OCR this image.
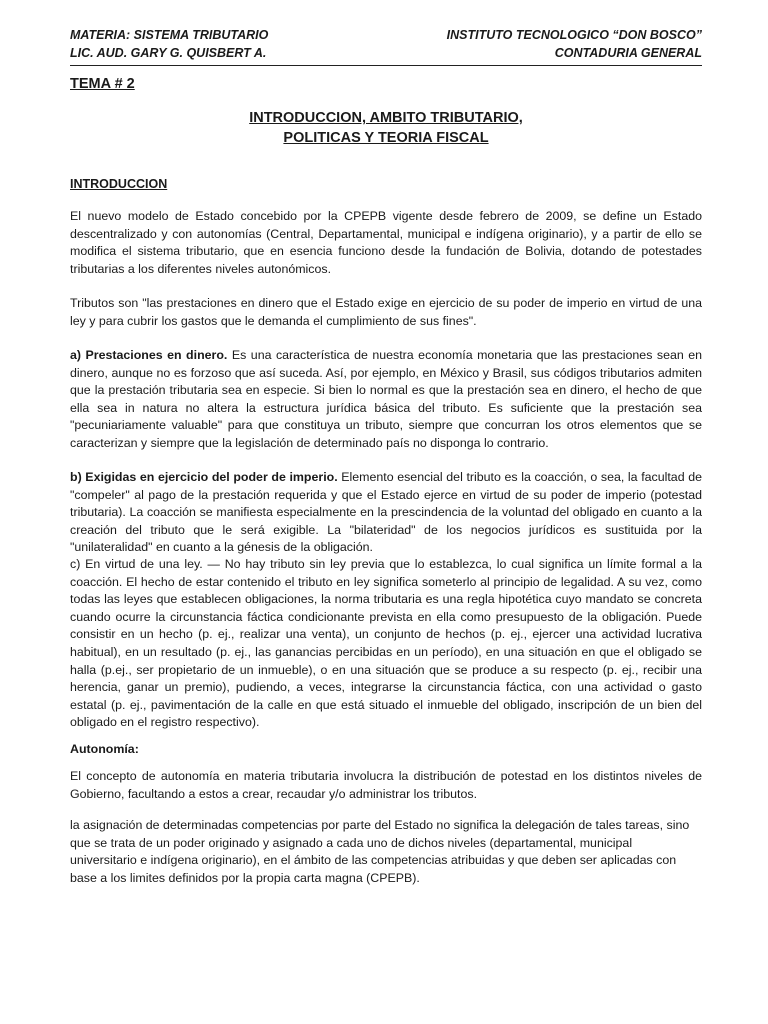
MATERIA: SISTEMA TRIBUTARIO
LIC. AUD. GARY G. QUISBERT A.
INSTITUTO TECNOLOGICO “DON BOSCO”
CONTADURIA GENERAL
TEMA # 2
INTRODUCCION, AMBITO TRIBUTARIO,
POLITICAS Y TEORIA FISCAL
INTRODUCCION
El nuevo modelo de Estado concebido por la CPEPB vigente desde febrero de 2009, se define un Estado descentralizado y con autonomías (Central, Departamental, municipal e indígena originario), y a partir de ello se modifica el sistema tributario, que en esencia funciono desde la fundación de Bolivia, dotando de potestades tributarias a los diferentes niveles autonómicos.
Tributos son "las prestaciones en dinero que el Estado exige en ejercicio de su poder de imperio en virtud de una ley y para cubrir los gastos que le demanda el cumplimiento de sus fines".
a) Prestaciones en dinero. Es una característica de nuestra economía monetaria que las prestaciones sean en dinero, aunque no es forzoso que así suceda. Así, por ejemplo, en México y Brasil, sus códigos tributarios admiten que la prestación tributaria sea en especie. Si bien lo normal es que la prestación sea en dinero, el hecho de que ella sea in natura no altera la estructura jurídica básica del tributo. Es suficiente que la prestación sea "pecuniariamente valuable" para que constituya un tributo, siempre que concurran los otros elementos que se caracterizan y siempre que la legislación de determinado país no disponga lo contrario.
b) Exigidas en ejercicio del poder de imperio. Elemento esencial del tributo es la coacción, o sea, la facultad de "compeler" al pago de la prestación requerida y que el Estado ejerce en virtud de su poder de imperio (potestad tributaria). La coacción se manifiesta especialmente en la prescindencia de la voluntad del obligado en cuanto a la creación del tributo que le será exigible. La "bilateridad" de los negocios jurídicos es sustituida por la "unilateralidad" en cuanto a la génesis de la obligación.
c) En virtud de una ley. — No hay tributo sin ley previa que lo establezca, lo cual significa un límite formal a la coacción. El hecho de estar contenido el tributo en ley significa someterlo al principio de legalidad. A su vez, como todas las leyes que establecen obligaciones, la norma tributaria es una regla hipotética cuyo mandato se concreta cuando ocurre la circunstancia fáctica condicionante prevista en ella como presupuesto de la obligación. Puede consistir en un hecho (p. ej., realizar una venta), un conjunto de hechos (p. ej., ejercer una actividad lucrativa habitual), en un resultado (p. ej., las ganancias percibidas en un período), en una situación en que el obligado se halla (p.ej., ser propietario de un inmueble), o en una situación que se produce a su respecto (p. ej., recibir una herencia, ganar un premio), pudiendo, a veces, integrarse la circunstancia fáctica, con una actividad o gasto estatal (p. ej., pavimentación de la calle en que está situado el inmueble del obligado, inscripción de un bien del obligado en el registro respectivo).
Autonomía:
El concepto de autonomía en materia tributaria involucra la distribución de potestad en los distintos niveles de Gobierno, facultando a estos a crear, recaudar y/o administrar los tributos.
la asignación de determinadas competencias por parte del Estado no significa la delegación de tales tareas, sino que se trata de un poder originado y asignado a cada uno de dichos niveles (departamental, municipal universitario e indígena originario), en el ámbito de las competencias atribuidas y que deben ser aplicadas con base a los limites definidos por la propia carta magna (CPEPB).
